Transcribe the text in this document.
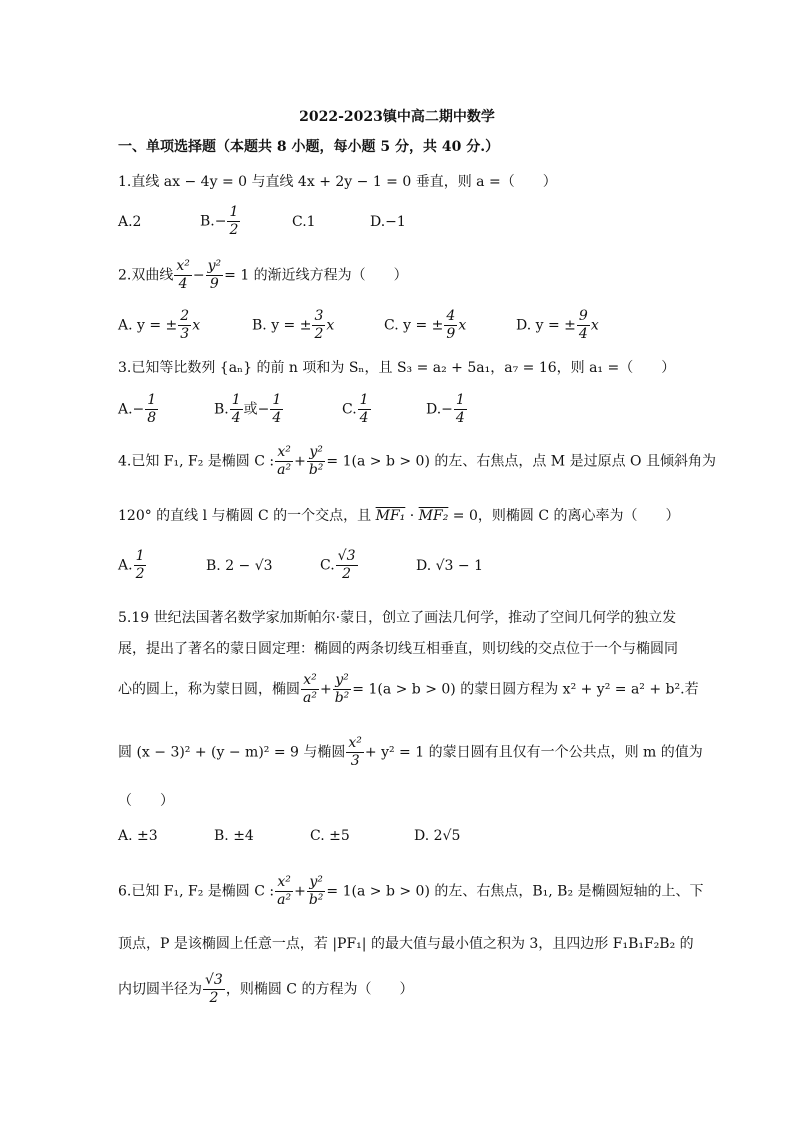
2022-2023镇中高二期中数学
一、单项选择题（本题共 8 小题，每小题 5 分，共 40 分.）
1.直线 ax − 4y = 0 与直线 4x + 2y − 1 = 0 垂直，则 a =（　　）
A.2	$B.- \frac{1}{2}$	C.1	D.−1
2.双曲线 $\frac{\text{x²}}{4} - \frac{\text{y²}}{9} = 1$ 的渐近线方程为（　　）
A. y = ± $\frac{2}{3}$ x	B. y = ± $\frac{3}{2}$ x	C. y = ± $\frac{4}{9}$ x	D. y = ± $\frac{9}{4}$ x
3.已知等比数列 {aₙ} 的前 n 项和为 Sₙ，且 S₃ = a₂ + 5a₁，a₇ = 16，则 a₁ =（　　）
$A.- \frac{1}{8}$	B. $\frac{1}{4}$ 或− $\frac{1}{4}$	C. $\frac{1}{4}$	$D.- \frac{1}{4}$
4.已知 F₁, F₂ 是椭圆 C : $\frac{\text{x²}}{\text{a²}} + \frac{\text{y²}}{\text{b²}} = 1(a > b > 0)$ 的左、右焦点，点 M 是过原点 O 且倾斜角为
120° 的直线 l 与椭圆 C 的一个交点，且 MF₁ · MF₂ = 0，则椭圆 C 的离心率为（　　）
A. $\frac{1}{2}$	B. 2 − √3	C. $\frac{√3}{2}$	D. √3 − 1
5.19 世纪法国著名数学家加斯帕尔·蒙日，创立了画法几何学，推动了空间几何学的独立发
展，提出了著名的蒙日圆定理：椭圆的两条切线互相垂直，则切线的交点位于一个与椭圆同
心的圆上，称为蒙日圆，椭圆 $\frac{\text{x²}}{\text{a²}} + \frac{\text{y²}}{\text{b²}} = 1(a > b > 0)$ 的蒙日圆方程为 x² + y² = a² + b².若
圆 (x − 3)² + (y − m)² = 9 与椭圆 $\frac{\text{x²}}{3} + y^2 = 1$ 的蒙日圆有且仅有一个公共点，则 m 的值为
（　　）
A. ±3	B. ±4	C. ±5	D. 2√5
6.已知 F₁, F₂ 是椭圆 C : $\frac{\text{x²}}{\text{a²}} + \frac{\text{y²}}{\text{b²}} = 1(a > b > 0)$ 的左、右焦点，B₁, B₂ 是椭圆短轴的上、下
顶点，P 是该椭圆上任意一点，若 |PF₁| 的最大值与最小值之积为 3，且四边形 F₁B₁F₂B₂ 的
内切圆半径为 $\frac{√3}{2}$ ，则椭圆 C 的方程为（　　）
